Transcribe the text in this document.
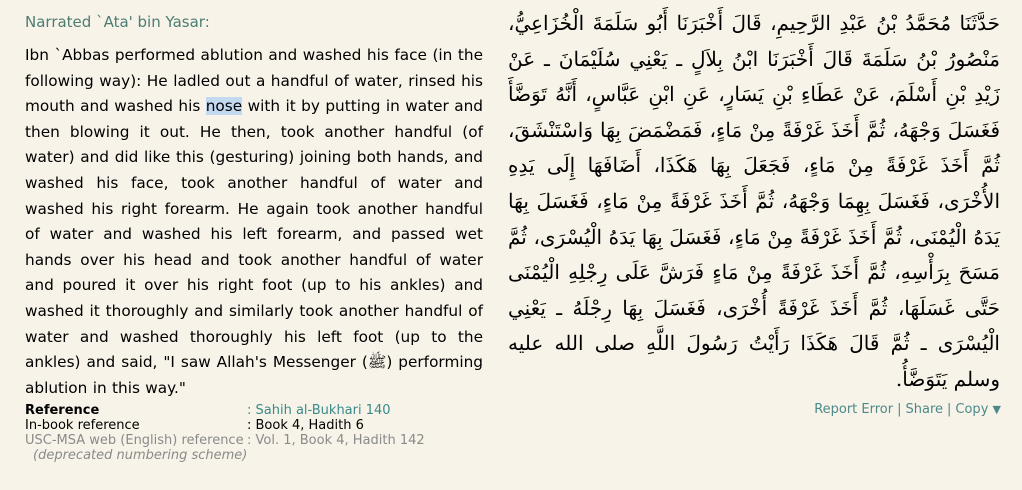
Narrated `Ata' bin Yasar:
Ibn `Abbas performed ablution and washed his face (in the following way): He ladled out a handful of water, rinsed his mouth and washed his nose with it by putting in water and then blowing it out. He then, took another handful (of water) and did like this (gesturing) joining both hands, and washed his face, took another handful of water and washed his right forearm. He again took another handful of water and washed his left forearm, and passed wet hands over his head and took another handful of water and poured it over his right foot (up to his ankles) and washed it thoroughly and similarly took another handful of water and washed thoroughly his left foot (up to the ankles) and said, "I saw Allah's Messenger (ﷺ) performing ablution in this way."
حَدَّثَنَا مُحَمَّدُ بْنُ عَبْدِ الرَّحِيمِ، قَالَ أَخْبَرَنَا أَبُو سَلَمَةَ الْخُزَاعِيُّ، مَنْصُورُ بْنُ سَلَمَةَ قَالَ أَخْبَرَنَا ابْنُ بِلاَلٍ ـ يَعْنِي سُلَيْمَانَ ـ عَنْ زَيْدِ بْنِ أَسْلَمَ، عَنْ عَطَاءِ بْنِ يَسَارٍ، عَنِ ابْنِ عَبَّاسٍ، أَنَّهُ تَوَضَّأَ فَغَسَلَ وَجْهَهُ، ثُمَّ أَخَذَ غَرْفَةً مِنْ مَاءٍ، فَمَضْمَضَ بِهَا وَاسْتَنْشَقَ، ثُمَّ أَخَذَ غَرْفَةً مِنْ مَاءٍ، فَجَعَلَ بِهَا هَكَذَا، أَضَافَهَا إِلَى يَدِهِ الأُخْرَى، فَغَسَلَ بِهِمَا وَجْهَهُ، ثُمَّ أَخَذَ غَرْفَةً مِنْ مَاءٍ، فَغَسَلَ بِهَا يَدَهُ الْيُمْنَى، ثُمَّ أَخَذَ غَرْفَةً مِنْ مَاءٍ، فَغَسَلَ بِهَا يَدَهُ الْيُسْرَى، ثُمَّ مَسَحَ بِرَأْسِهِ، ثُمَّ أَخَذَ غَرْفَةً مِنْ مَاءٍ فَرَشَّ عَلَى رِجْلِهِ الْيُمْنَى حَتَّى غَسَلَهَا، ثُمَّ أَخَذَ غَرْفَةً أُخْرَى، فَغَسَلَ بِهَا رِجْلَهُ ـ يَعْنِي الْيُسْرَى ـ ثُمَّ قَالَ هَكَذَا رَأَيْتُ رَسُولَ اللَّهِ صلى الله عليه وسلم يَتَوَضَّأُ‏.‏
Reference	: Sahih al-Bukhari 140
In-book reference	: Book 4, Hadith 6
USC-MSA web (English) reference	: Vol. 1, Book 4, Hadith 142
(deprecated numbering scheme)	
Report Error | Share | Copy ▼
